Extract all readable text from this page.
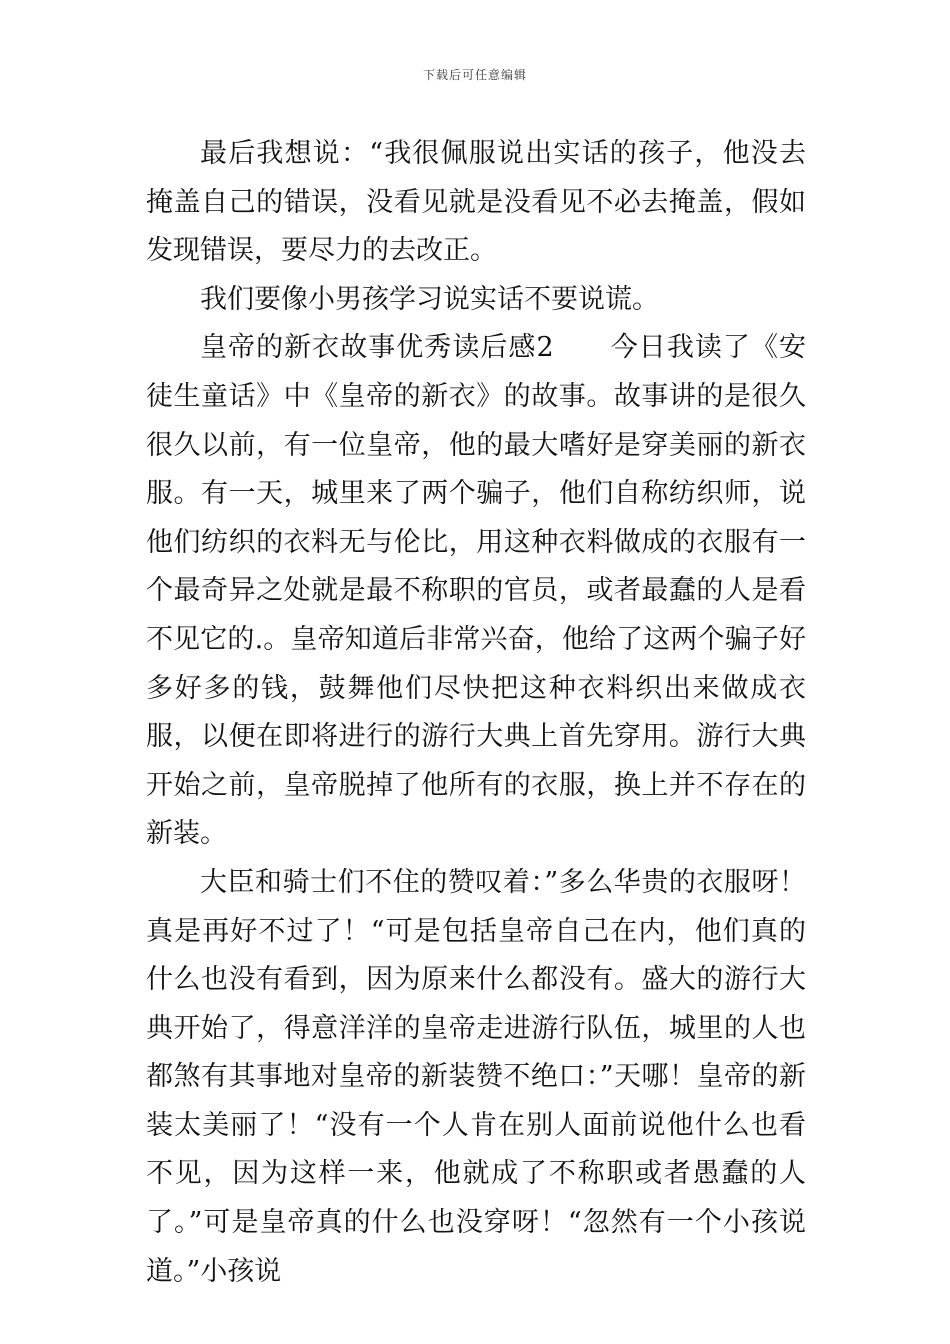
下载后可任意编辑

最后我想说：“我很佩服说出实话的孩子，他没去掩盖自己的错误，没看见就是没看见不必去掩盖，假如发现错误，要尽力的去改正。

我们要像小男孩学习说实话不要说谎。

皇帝的新衣故事优秀读后感2　　今日我读了《安徒生童话》中《皇帝的新衣》的故事。故事讲的是很久很久以前，有一位皇帝，他的最大嗜好是穿美丽的新衣服。有一天，城里来了两个骗子，他们自称纺织师，说他们纺织的衣料无与伦比，用这种衣料做成的衣服有一个最奇异之处就是最不称职的官员，或者最蠢的人是看不见它的.。皇帝知道后非常兴奋，他给了这两个骗子好多好多的钱，鼓舞他们尽快把这种衣料织出来做成衣服，以便在即将进行的游行大典上首先穿用。游行大典开始之前，皇帝脱掉了他所有的衣服，换上并不存在的新装。

大臣和骑士们不住的赞叹着：”多么华贵的衣服呀！真是再好不过了！“可是包括皇帝自己在内，他们真的什么也没有看到，因为原来什么都没有。盛大的游行大典开始了，得意洋洋的皇帝走进游行队伍，城里的人也都煞有其事地对皇帝的新装赞不绝口：”天哪！皇帝的新装太美丽了！“没有一个人肯在别人面前说他什么也看不见，因为这样一来，他就成了不称职或者愚蠢的人了。”可是皇帝真的什么也没穿呀！“忽然有一个小孩说道。”小孩说
